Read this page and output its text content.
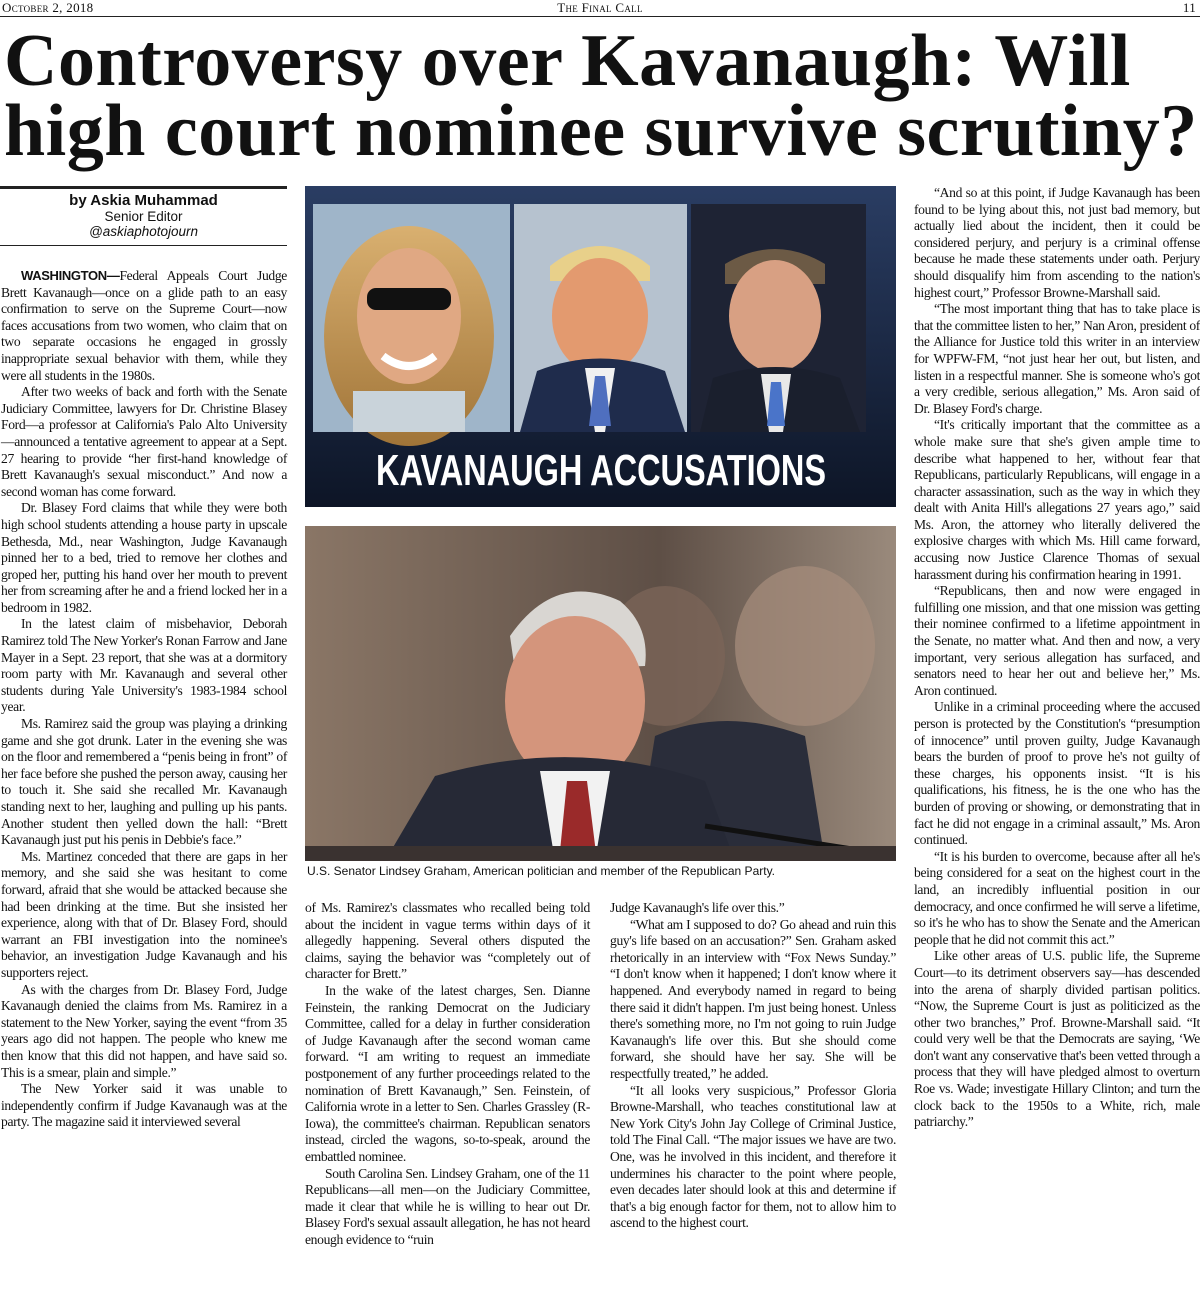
October 2, 2018	The Final Call	11
Controversy over Kavanaugh: Will
high court nominee survive scrutiny?
by Askia Muhammad
Senior Editor
@askiaphotojourn

WASHINGTON—Federal Appeals Court Judge Brett Kavanaugh—once on a glide path to an easy confirmation to serve on the Supreme Court—now faces accusations from two women, who claim that on two separate occasions he engaged in grossly inappropriate sexual behavior with them, while they were all students in the 1980s.

After two weeks of back and forth with the Senate Judiciary Committee, lawyers for Dr. Christine Blasey Ford—a professor at California's Palo Alto University—announced a tentative agreement to appear at a Sept. 27 hearing to provide “her first-hand knowledge of Brett Kavanaugh's sexual misconduct.” And now a second woman has come forward.

Dr. Blasey Ford claims that while they were both high school students attending a house party in upscale Bethesda, Md., near Washington, Judge Kavanaugh pinned her to a bed, tried to remove her clothes and groped her, putting his hand over her mouth to prevent her from screaming after he and a friend locked her in a bedroom in 1982.

In the latest claim of misbehavior, Deborah Ramirez told The New Yorker's Ronan Farrow and Jane Mayer in a Sept. 23 report, that she was at a dormitory room party with Mr. Kavanaugh and several other students during Yale University's 1983-1984 school year.

Ms. Ramirez said the group was playing a drinking game and she got drunk. Later in the evening she was on the floor and remembered a “penis being in front” of her face before she pushed the person away, causing her to touch it. She said she recalled Mr. Kavanaugh standing next to her, laughing and pulling up his pants. Another student then yelled down the hall: “Brett Kavanaugh just put his penis in Debbie's face.”

Ms. Martinez conceded that there are gaps in her memory, and she said she was hesitant to come forward, afraid that she would be attacked because she had been drinking at the time. But she insisted her experience, along with that of Dr. Blasey Ford, should warrant an FBI investigation into the nominee's behavior, an investigation Judge Kavanaugh and his supporters reject.

As with the charges from Dr. Blasey Ford, Judge Kavanaugh denied the claims from Ms. Ramirez in a statement to the New Yorker, saying the event “from 35 years ago did not happen. The people who knew me then know that this did not happen, and have said so. This is a smear, plain and simple.”

The New Yorker said it was unable to independently confirm if Judge Kavanaugh was at the party. The magazine said it interviewed several

KAVANAUGH ACCUSATIONS
U.S. Senator Lindsey Graham, American politician and member of the Republican Party.

of Ms. Ramirez's classmates who recalled being told about the incident in vague terms within days of it allegedly happening. Several others disputed the claims, saying the behavior was “completely out of character for Brett.”

In the wake of the latest charges, Sen. Dianne Feinstein, the ranking Democrat on the Judiciary Committee, called for a delay in further consideration of Judge Kavanaugh after the second woman came forward. “I am writing to request an immediate postponement of any further proceedings related to the nomination of Brett Kavanaugh,” Sen. Feinstein, of California wrote in a letter to Sen. Charles Grassley (R-Iowa), the committee's chairman. Republican senators instead, circled the wagons, so-to-speak, around the embattled nominee.

South Carolina Sen. Lindsey Graham, one of the 11 Republicans—all men—on the Judiciary Committee, made it clear that while he is willing to hear out Dr. Blasey Ford's sexual assault allegation, he has not heard enough evidence to “ruin

Judge Kavanaugh's life over this.”

“What am I supposed to do? Go ahead and ruin this guy's life based on an accusation?” Sen. Graham asked rhetorically in an interview with “Fox News Sunday.” “I don't know when it happened; I don't know where it happened. And everybody named in regard to being there said it didn't happen. I'm just being honest. Unless there's something more, no I'm not going to ruin Judge Kavanaugh's life over this. But she should come forward, she should have her say. She will be respectfully treated,” he added.

“It all looks very suspicious,” Professor Gloria Browne-Marshall, who teaches constitutional law at New York City's John Jay College of Criminal Justice, told The Final Call. “The major issues we have are two. One, was he involved in this incident, and therefore it undermines his character to the point where people, even decades later should look at this and determine if that's a big enough factor for them, not to allow him to ascend to the highest court.

“And so at this point, if Judge Kavanaugh has been found to be lying about this, not just bad memory, but actually lied about the incident, then it could be considered perjury, and perjury is a criminal offense because he made these statements under oath. Perjury should disqualify him from ascending to the nation's highest court,” Professor Browne-Marshall said.

“The most important thing that has to take place is that the committee listen to her,” Nan Aron, president of the Alliance for Justice told this writer in an interview for WPFW-FM, “not just hear her out, but listen, and listen in a respectful manner. She is someone who's got a very credible, serious allegation,” Ms. Aron said of Dr. Blasey Ford's charge.

“It's critically important that the committee as a whole make sure that she's given ample time to describe what happened to her, without fear that Republicans, particularly Republicans, will engage in a character assassination, such as the way in which they dealt with Anita Hill's allegations 27 years ago,” said Ms. Aron, the attorney who literally delivered the explosive charges with which Ms. Hill came forward, accusing now Justice Clarence Thomas of sexual harassment during his confirmation hearing in 1991.

“Republicans, then and now were engaged in fulfilling one mission, and that one mission was getting their nominee confirmed to a lifetime appointment in the Senate, no matter what. And then and now, a very important, very serious allegation has surfaced, and senators need to hear her out and believe her,” Ms. Aron continued.

Unlike in a criminal proceeding where the accused person is protected by the Constitution's “presumption of innocence” until proven guilty, Judge Kavanaugh bears the burden of proof to prove he's not guilty of these charges, his opponents insist. “It is his qualifications, his fitness, he is the one who has the burden of proving or showing, or demonstrating that in fact he did not engage in a criminal assault,” Ms. Aron continued.

“It is his burden to overcome, because after all he's being considered for a seat on the highest court in the land, an incredibly influential position in our democracy, and once confirmed he will serve a lifetime, so it's he who has to show the Senate and the American people that he did not commit this act.”

Like other areas of U.S. public life, the Supreme Court—to its detriment observers say—has descended into the arena of sharply divided partisan politics. “Now, the Supreme Court is just as politicized as the other two branches,” Prof. Browne-Marshall said. “It could very well be that the Democrats are saying, ‘We don't want any conservative that's been vetted through a process that they will have pledged almost to overturn Roe vs. Wade; investigate Hillary Clinton; and turn the clock back to the 1950s to a White, rich, male patriarchy.”
